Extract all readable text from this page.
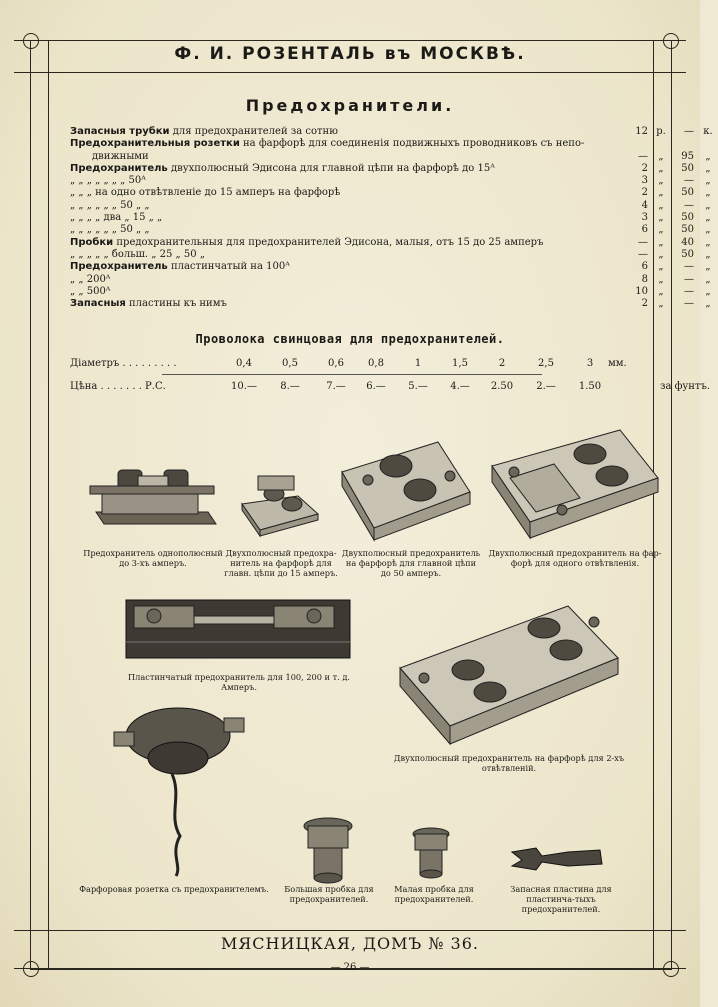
Ф. И. РОЗЕНТАЛЬ въ МОСКВѢ.
Предохранители.
Запасныя трубки для предохранителей за сотню	12 р.	— к.
Предохранительныя розетки на фарфорѣ для соединенія подвижныхъ проводниковъ съ непо-
движными	—	„	95	„
Предохранитель двухполюсный Эдисона для главной цѣпи на фарфорѣ до 15ᴬ	2	„	50	„
„ „ „ „ „ „ „ 50ᴬ	3	„	—	„
„ „ „ на одно отвѣтвленіе до 15 амперъ на фарфорѣ	2	„	50	„
„ „ „ „ „ „ 50 „ „	4	„	—	„
„ „ „ „ два „ 15 „ „	3	„	50	„
„ „ „ „ „ „ 50 „ „	6	„	50	„
Пробки предохранительныя для предохранителей Эдисона, малыя, отъ 15 до 25 амперъ	—	„	40	„
„ „ „ „ „ больш. „ 25 „ 50 „	—	„	50	„
Предохранитель пластинчатый на 100ᴬ	6	„	—	„
„ „ 200ᴬ	8	„	—	„
„ „ 500ᴬ	10	„	—	„
Запасныя пластины къ нимъ	2	„	—	„
Проволока свинцовая для предохранителей.
Діаметръ . . . . . . . . .	0,4	0,5	0,6	0,8	1	1,5	2	2,5	3	мм.
Цѣна . . . . . . . Р.С.	10.—	8.—	7.—	6.—	5.—	4.—	2.50	2.—	1.50	за фунтъ.
Предохранитель однополюсный до 3-хъ амперъ.
Двухполюсный предохра-нитель на фарфорѣ для главн. цѣпи до 15 амперъ.
Двухполюсный предохранитель на фарфорѣ для главной цѣпи до 50 амперъ.
Двухполюсный предохранитель на фар-форѣ для одного отвѣтвленія.
Пластинчатый предохранитель для 100, 200 и т. д. Амперъ.
Двухполюсный предохранитель на фарфорѣ для 2-хъ отвѣтвленій.
Фарфоровая розетка съ предохранителемъ.	Большая пробка для предохранителей.
Малая пробка для предохранителей.
Запасная пластина для пластинча-тыхъ предохранителей.
МЯСНИЦКАЯ, ДОМЪ № 36.
— 26 —
